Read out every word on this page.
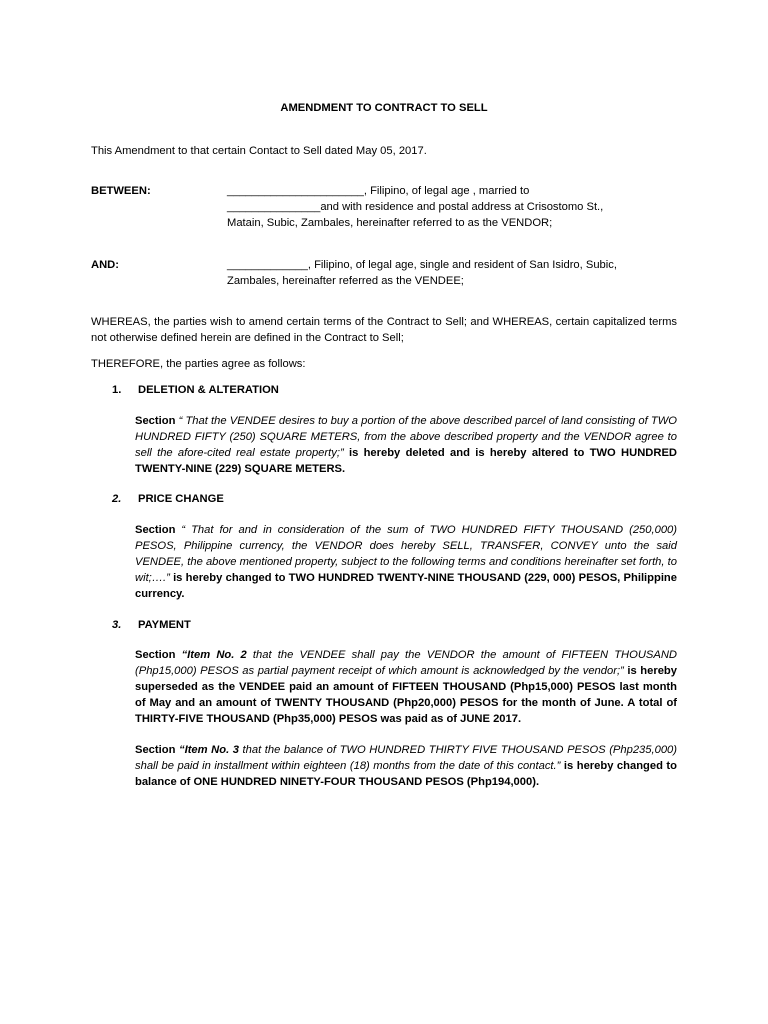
AMENDMENT TO CONTRACT TO SELL
This Amendment to that certain Contact to Sell dated May 05, 2017.
BETWEEN:	______________________, Filipino, of legal age , married to
_______________and with residence and postal address at Crisostomo St.,
Matain, Subic, Zambales, hereinafter referred to as the VENDOR;
AND:	_____________, Filipino, of legal age, single and resident of San Isidro, Subic,
Zambales, hereinafter referred as the VENDEE;
WHEREAS, the parties wish to amend certain terms of the Contract to Sell; and WHEREAS, certain capitalized terms not otherwise defined herein are defined in the Contract to Sell;
THEREFORE, the parties agree as follows:
1. DELETION & ALTERATION

Section “ That the VENDEE desires to buy a portion of the above described parcel of land consisting of TWO HUNDRED FIFTY (250) SQUARE METERS, from the above described property and the VENDOR agree to sell the afore-cited real estate property;” is hereby deleted and is hereby altered to TWO HUNDRED TWENTY-NINE (229) SQUARE METERS.

2. PRICE CHANGE

Section “ That for and in consideration of the sum of TWO HUNDRED FIFTY THOUSAND (250,000) PESOS, Philippine currency, the VENDOR does hereby SELL, TRANSFER, CONVEY unto the said VENDEE, the above mentioned property, subject to the following terms and conditions hereinafter set forth, to wit;….” is hereby changed to TWO HUNDRED TWENTY-NINE THOUSAND (229, 000) PESOS, Philippine currency.

3. PAYMENT

Section “Item No. 2 that the VENDEE shall pay the VENDOR the amount of FIFTEEN THOUSAND (Php15,000) PESOS as partial payment receipt of which amount is acknowledged by the vendor;” is hereby superseded as the VENDEE paid an amount of FIFTEEN THOUSAND (Php15,000) PESOS last month of May and an amount of TWENTY THOUSAND (Php20,000) PESOS for the month of June. A total of THIRTY-FIVE THOUSAND (Php35,000) PESOS was paid as of JUNE 2017.

Section “Item No. 3 that the balance of TWO HUNDRED THIRTY FIVE THOUSAND PESOS (Php235,000) shall be paid in installment within eighteen (18) months from the date of this contact.” is hereby changed to balance of ONE HUNDRED NINETY-FOUR THOUSAND PESOS (Php194,000).
